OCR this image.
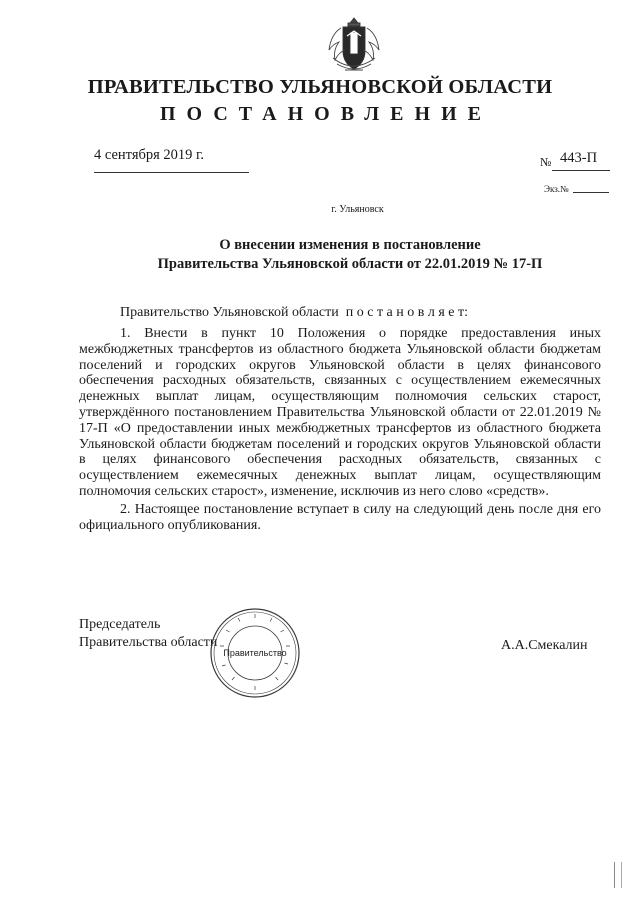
ПРАВИТЕЛЬСТВО УЛЬЯНОВСКОЙ ОБЛАСТИ
ПОСТАНОВЛЕНИЕ
4 сентября 2019 г.	№ 443-П
Экз.№
г. Ульяновск
О внесении изменения в постановление
Правительства Ульяновской области от 22.01.2019 № 17-П
Правительство Ульяновской области  п о с т а н о в л я е т:

1. Внести в пункт 10 Положения о порядке предоставления иных межбюджетных трансфертов из областного бюджета Ульяновской области бюджетам поселений и городских округов Ульяновской области в целях финансового обеспечения расходных обязательств, связанных с осуществлением ежемесячных денежных выплат лицам, осуществляющим полномочия сельских старост, утверждённого постановлением Правительства Ульяновской области от 22.01.2019 № 17-П «О предоставлении иных межбюджетных трансфертов из областного бюджета Ульяновской области бюджетам поселений и городских округов Ульяновской области в целях финансового обеспечения расходных обязательств, связанных с осуществлением ежемесячных денежных выплат лицам, осуществляющим полномочия сельских старост», изменение, исключив из него слово «средств».

2. Настоящее постановление вступает в силу на следующий день после дня его официального опубликования.

Председатель
Правительства области	А.А.Смекалин
Правительство
